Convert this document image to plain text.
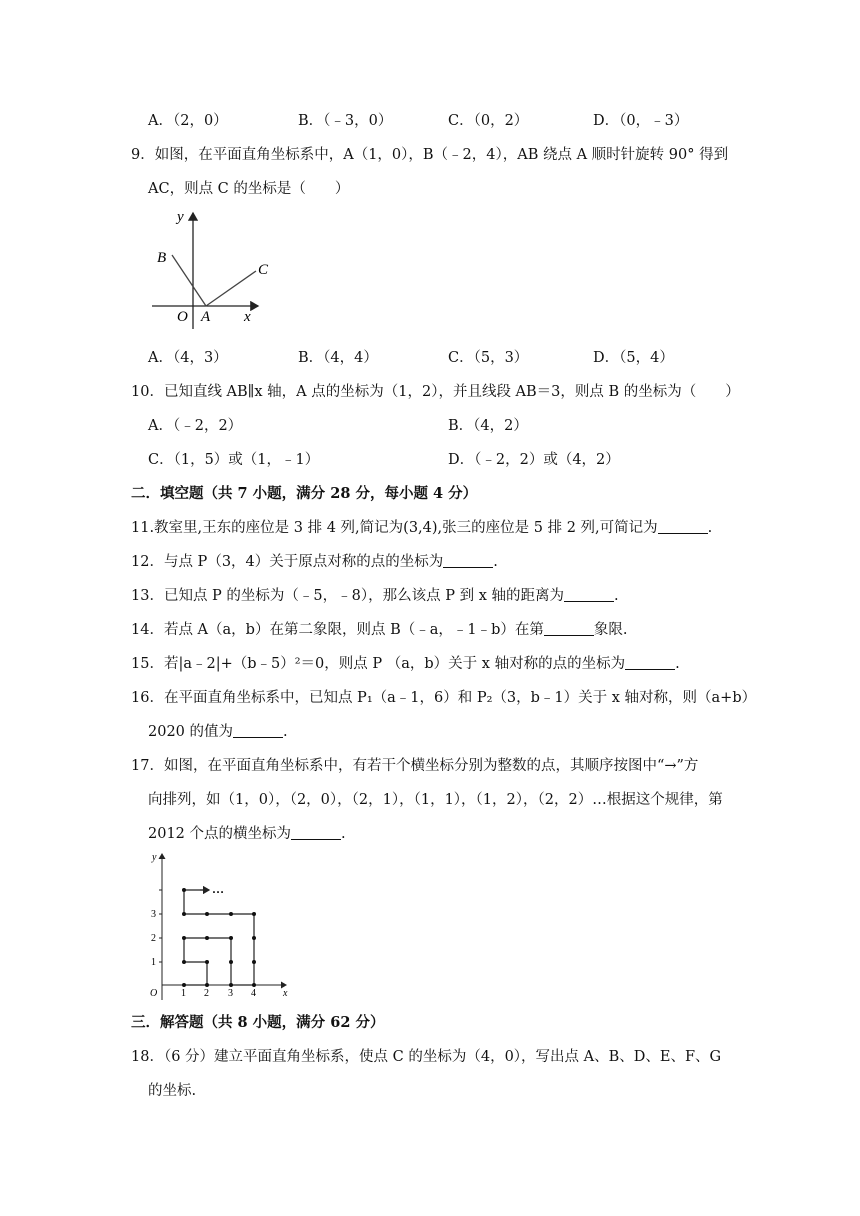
A．（2，0）	B．（﹣3，0）	C．（0，2）	D．（0，﹣3）
9．如图，在平面直角坐标系中，A（1，0），B（﹣2，4），AB 绕点 A 顺时针旋转 90° 得到
AC，则点 C 的坐标是（　　）
y
B
C
O A x
A．（4，3）	B．（4，4）	C．（5，3）	D．（5，4）
10．已知直线 AB∥x 轴，A 点的坐标为（1，2），并且线段 AB＝3，则点 B 的坐标为（　　）
A．（﹣2，2）	B．（4，2）
C．（1，5）或（1，﹣1）	D．（﹣2，2）或（4，2）
二．填空题（共 7 小题，满分 28 分，每小题 4 分）
11.教室里,王东的座位是 3 排 4 列,简记为(3,4),张三的座位是 5 排 2 列,可简记为	.
12．与点 P（3，4）关于原点对称的点的坐标为	.
13．已知点 P 的坐标为（﹣5，﹣8），那么该点 P 到 x 轴的距离为	.
14．若点 A（a，b）在第二象限，则点 B（﹣a，﹣1﹣b）在第	象限.
15．若|a﹣2|+（b﹣5）²＝0，则点 P （a，b）关于 x 轴对称的点的坐标为	.
16．在平面直角坐标系中，已知点 P₁（a﹣1，6）和 P₂（3，b﹣1）关于 x 轴对称，则（a+b）
2020 的值为	.
17．如图，在平面直角坐标系中，有若干个横坐标分别为整数的点，其顺序按图中“→”方
向排列，如（1，0），（2，0），（2，1），（1，1），（1，2），（2，2）…根据这个规律，第
2012 个点的横坐标为	.
…
y
x
O 1 2 3 4
1
2
3
三．解答题（共 8 小题，满分 62 分）
18．（6 分）建立平面直角坐标系，使点 C 的坐标为（4，0），写出点 A、B、D、E、F、G
的坐标.
